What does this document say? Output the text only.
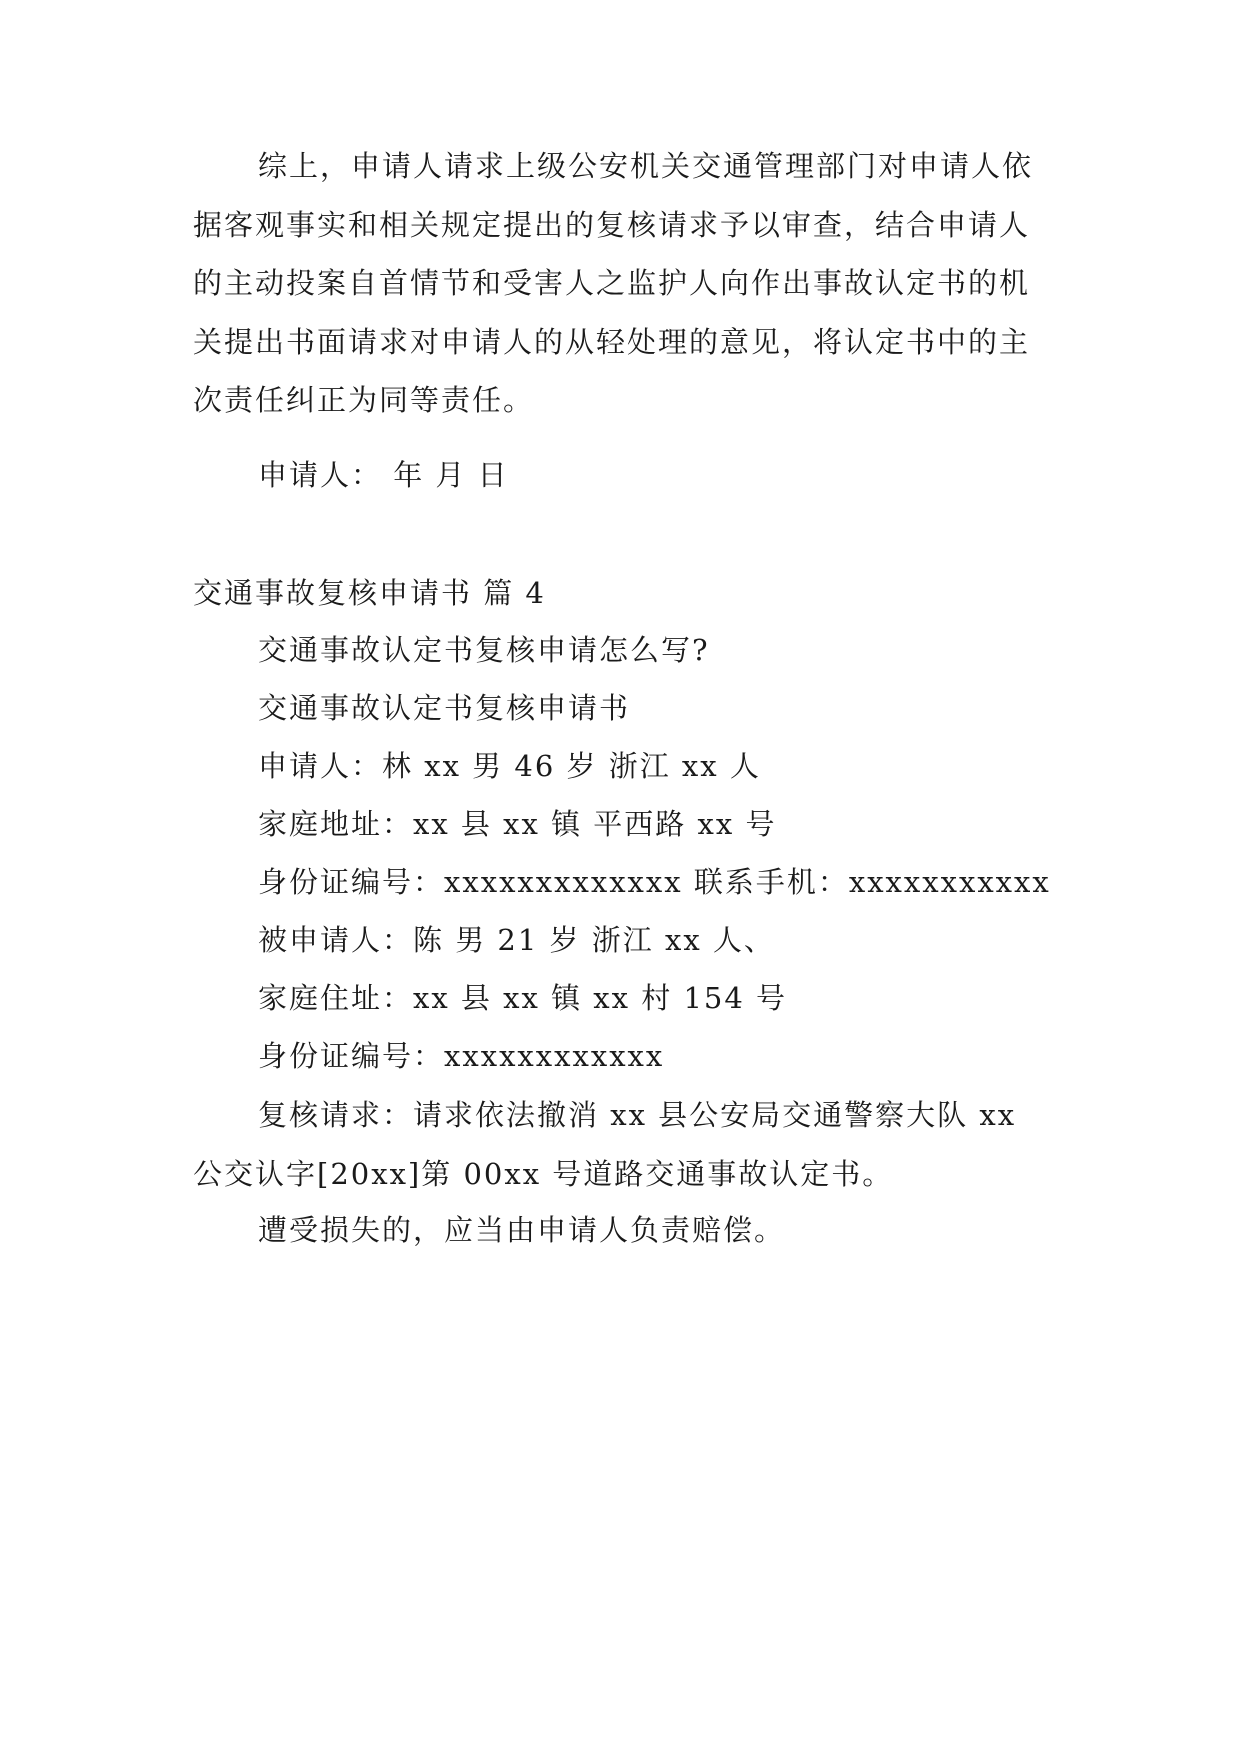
综上，申请人请求上级公安机关交通管理部门对申请人依据客观事实和相关规定提出的复核请求予以审查，结合申请人的主动投案自首情节和受害人之监护人向作出事故认定书的机关提出书面请求对申请人的从轻处理的意见，将认定书中的主次责任纠正为同等责任。

申请人： 年 月 日

交通事故复核申请书 篇 4

交通事故认定书复核申请怎么写?

交通事故认定书复核申请书

申请人：林 xx 男 46 岁 浙江 xx 人

家庭地址：xx 县 xx 镇 平西路 xx 号

身份证编号：xxxxxxxxxxxxx 联系手机：xxxxxxxxxxx

被申请人：陈 男 21 岁 浙江 xx 人、

家庭住址：xx 县 xx 镇 xx 村 154 号

身份证编号：xxxxxxxxxxxx

复核请求：请求依法撤消 xx 县公安局交通警察大队 xx 公交认字[20xx]第 00xx 号道路交通事故认定书。

遭受损失的，应当由申请人负责赔偿。
